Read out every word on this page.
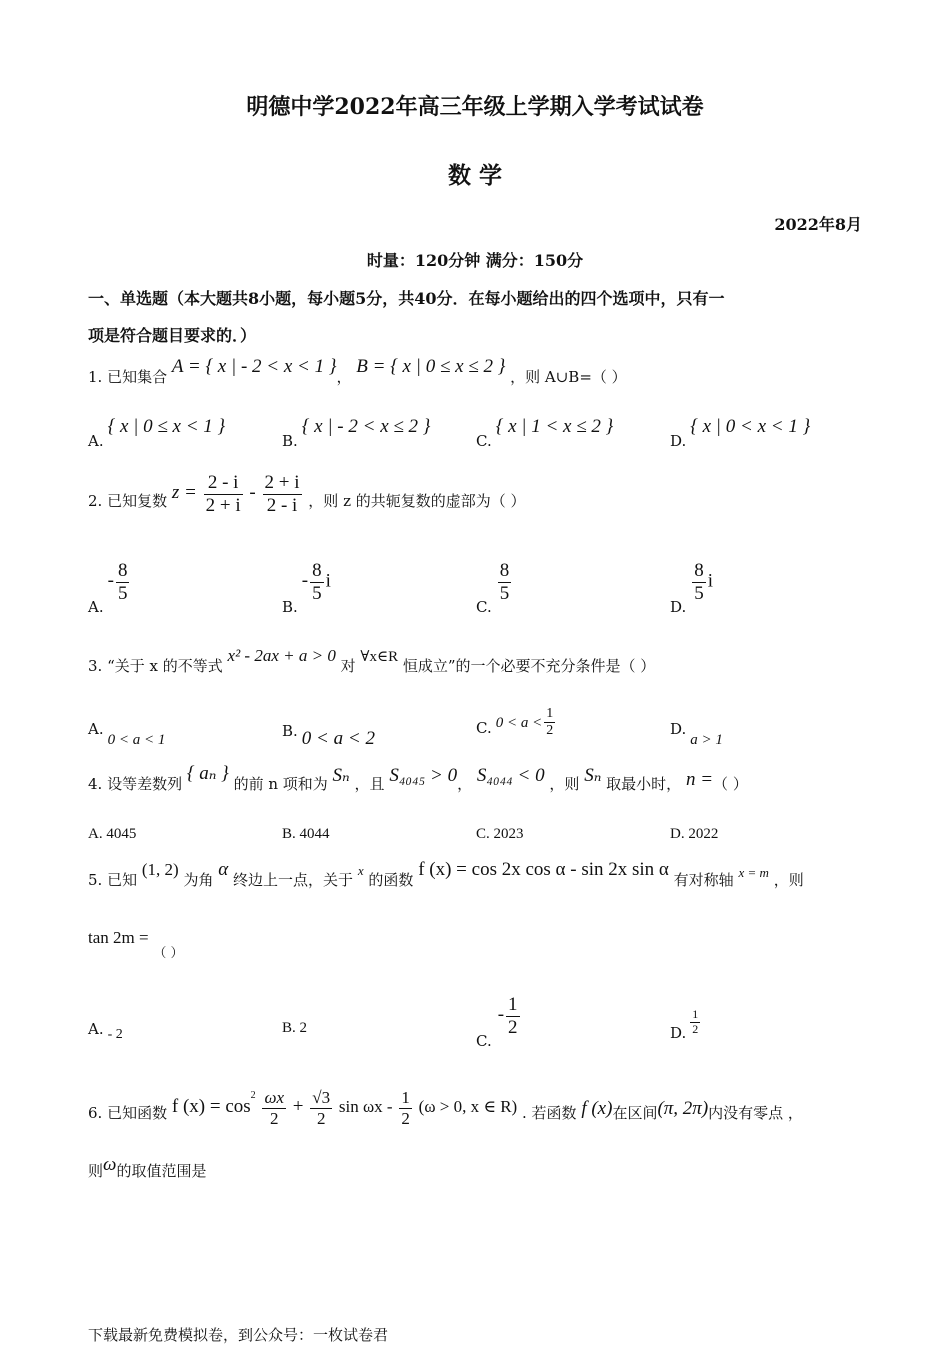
明德中学2022年高三年级上学期入学考试试卷
数 学
2022年8月
时量：120分钟 满分：150分
一、单选题（本大题共8小题，每小题5分，共40分．在每小题给出的四个选项中，只有一
项是符合题目要求的．）
1. 已知集合 A = { x | - 2 < x < 1 }， B = { x | 0 ≤ x ≤ 2 } ，则 A∪B=（ ）
A.{ x | 0 ≤ x < 1 }
B.{ x | - 2 < x ≤ 2 }
C.{ x | 1 < x ≤ 2 }
D.{ x | 0 < x < 1 }
2. 已知复数 $z = \frac{2 - i}{2 + i} - \frac{2 + i}{2 - i}$ ，则 z 的共轭复数的虚部为（ ）
$A.- \frac{8}{5}$
$B.- \frac{8}{5}$ i
C.
$\frac{8}{5}$
D.
$\frac{8}{5}$ i
3. “关于 x 的不等式 x² - 2ax + a > 0 对 ∀x∈R 恒成立”的一个必要不充分条件是（ ）
A.0 < a < 1	B. 0 < a < 2
C. $0 < a < \frac{1}{2}$	D.a > 1
4. 设等差数列 { aₙ } 的前 n 项和为 Sₙ ，且 S₄₀₄₅ > 0， S₄₀₄₄ < 0 ，则 Sₙ 取最小时， n =（ ）
A. 4045	B. 4044	C. 2023	D. 2022
5. 已知 (1, 2) 为角 α 终边上一点，关于 x 的函数 f (x) = cos 2x cos α - sin 2x sin α 有对称轴 x = m ，则
tan 2m = （ ）
A. - 2	B. 2
$C.- \frac{1}{2}$	D. $\frac{1}{2}$
6. 已知函数 f $(x) = \cos^2 \frac{\omega x}{2} + \frac{√3}{2}$ $\sin \omega x - \frac{1}{2} (\omega > 0$, x ∈ R) . 若函数 f (x)在区间(π, 2π)内没有零点 ，
则ω的取值范围是
下载最新免费模拟卷，到公众号：一枚试卷君
